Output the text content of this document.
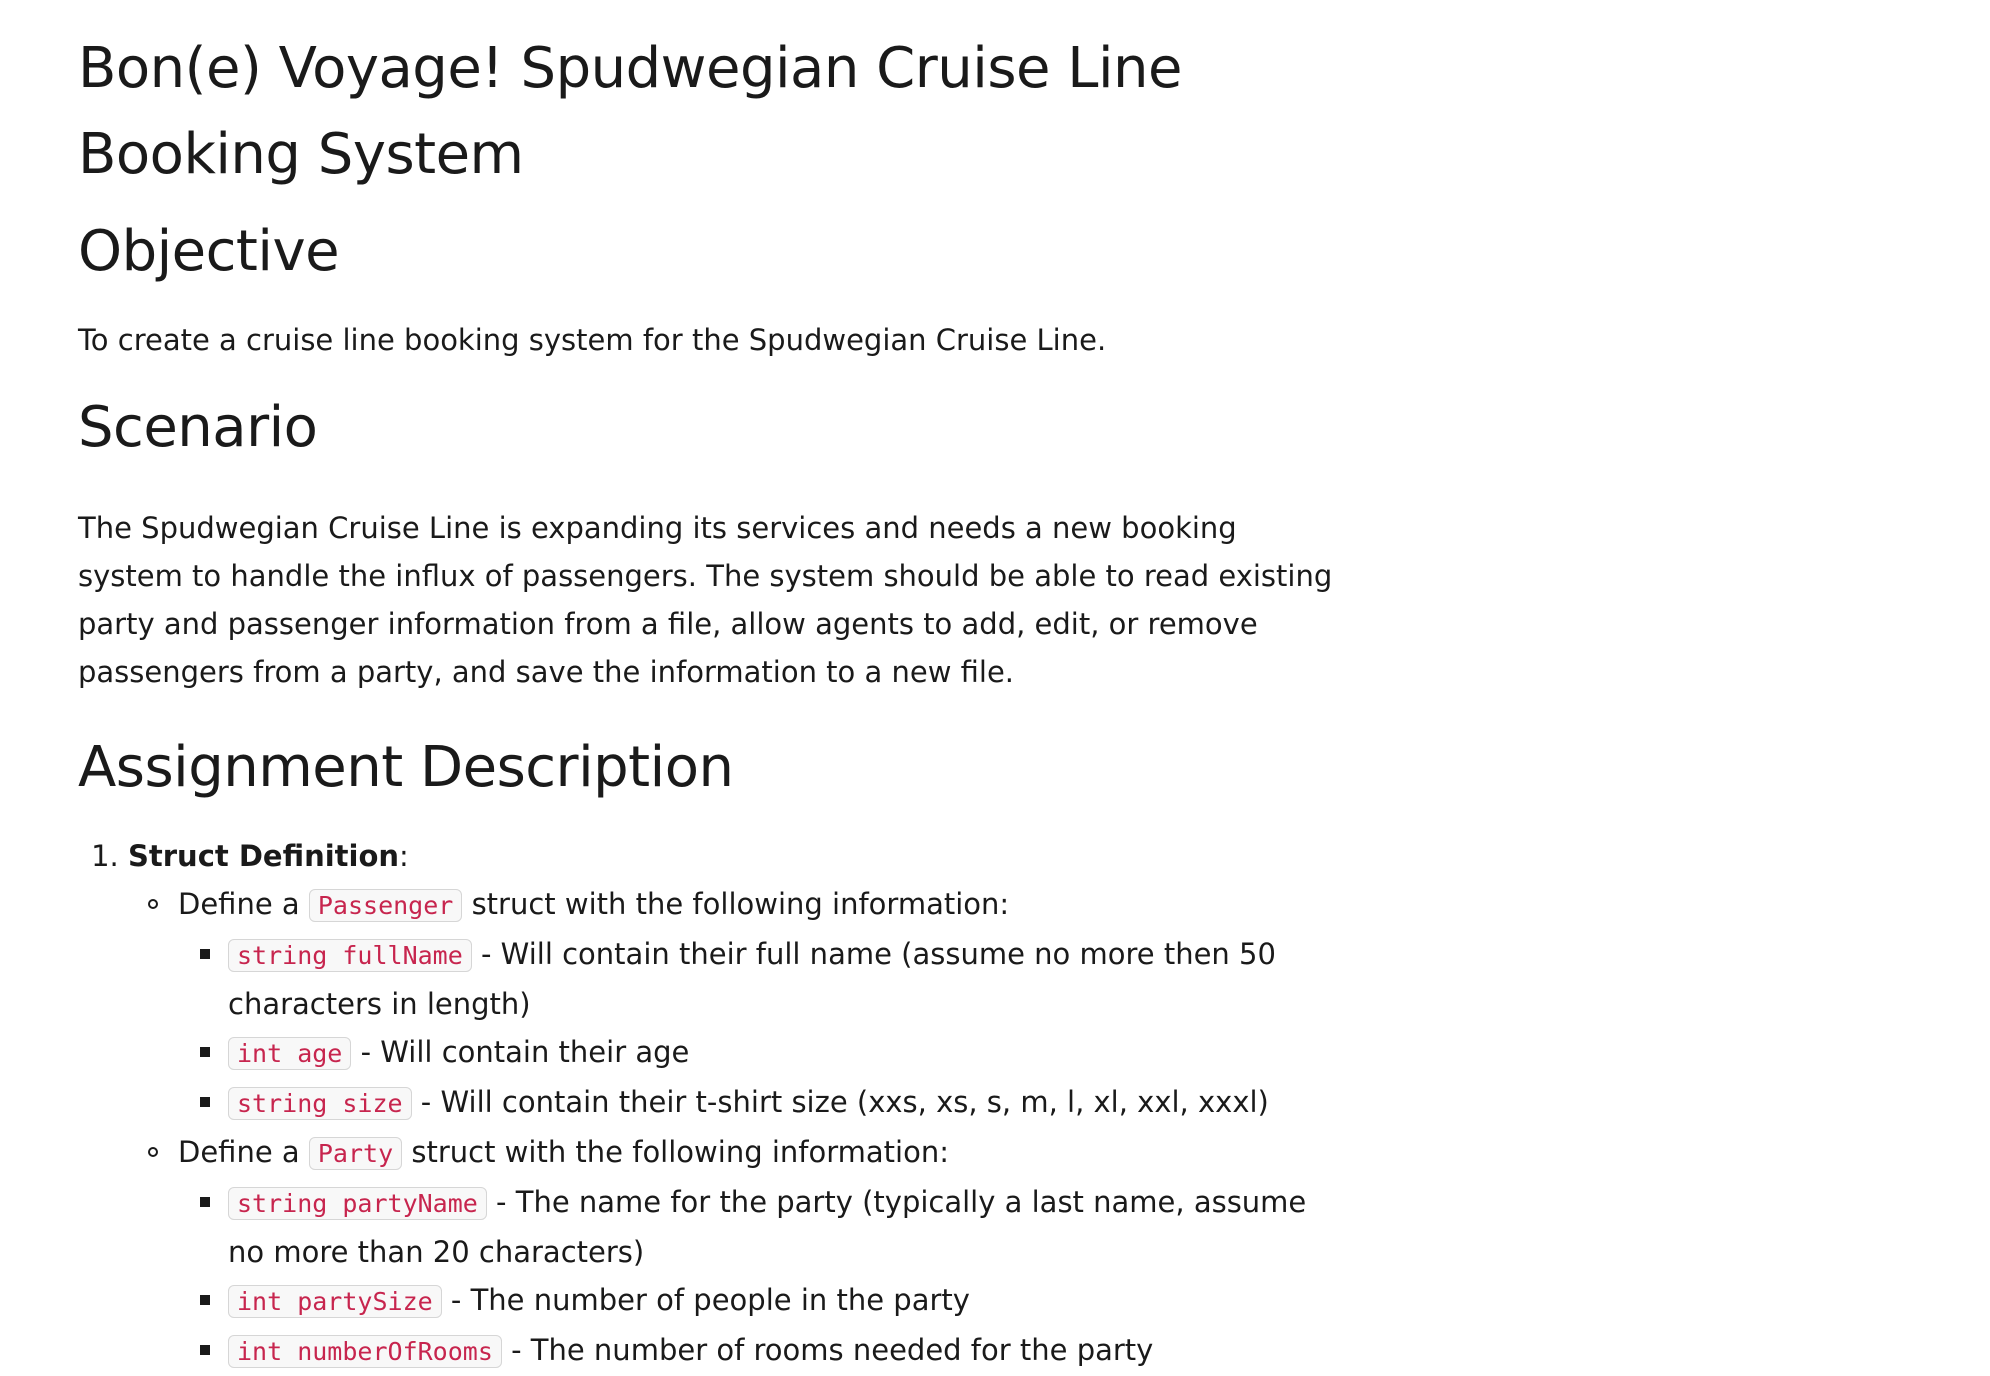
Bon(e) Voyage! Spudwegian Cruise Line Booking System
Objective

To create a cruise line booking system for the Spudwegian Cruise Line.

Scenario

The Spudwegian Cruise Line is expanding its services and needs a new booking system to handle the influx of passengers. The system should be able to read existing party and passenger information from a file, allow agents to add, edit, or remove passengers from a party, and save the information to a new file.

Assignment Description
1. Struct Definition:
Define a Passenger struct with the following information:
string fullName - Will contain their full name (assume no more then 50 characters in length)
int age - Will contain their age
string size - Will contain their t-shirt size (xxs, xs, s, m, l, xl, xxl, xxxl)
Define a Party struct with the following information:
string partyName - The name for the party (typically a last name, assume no more than 20 characters)
int partySize - The number of people in the party
int numberOfRooms - The number of rooms needed for the party
